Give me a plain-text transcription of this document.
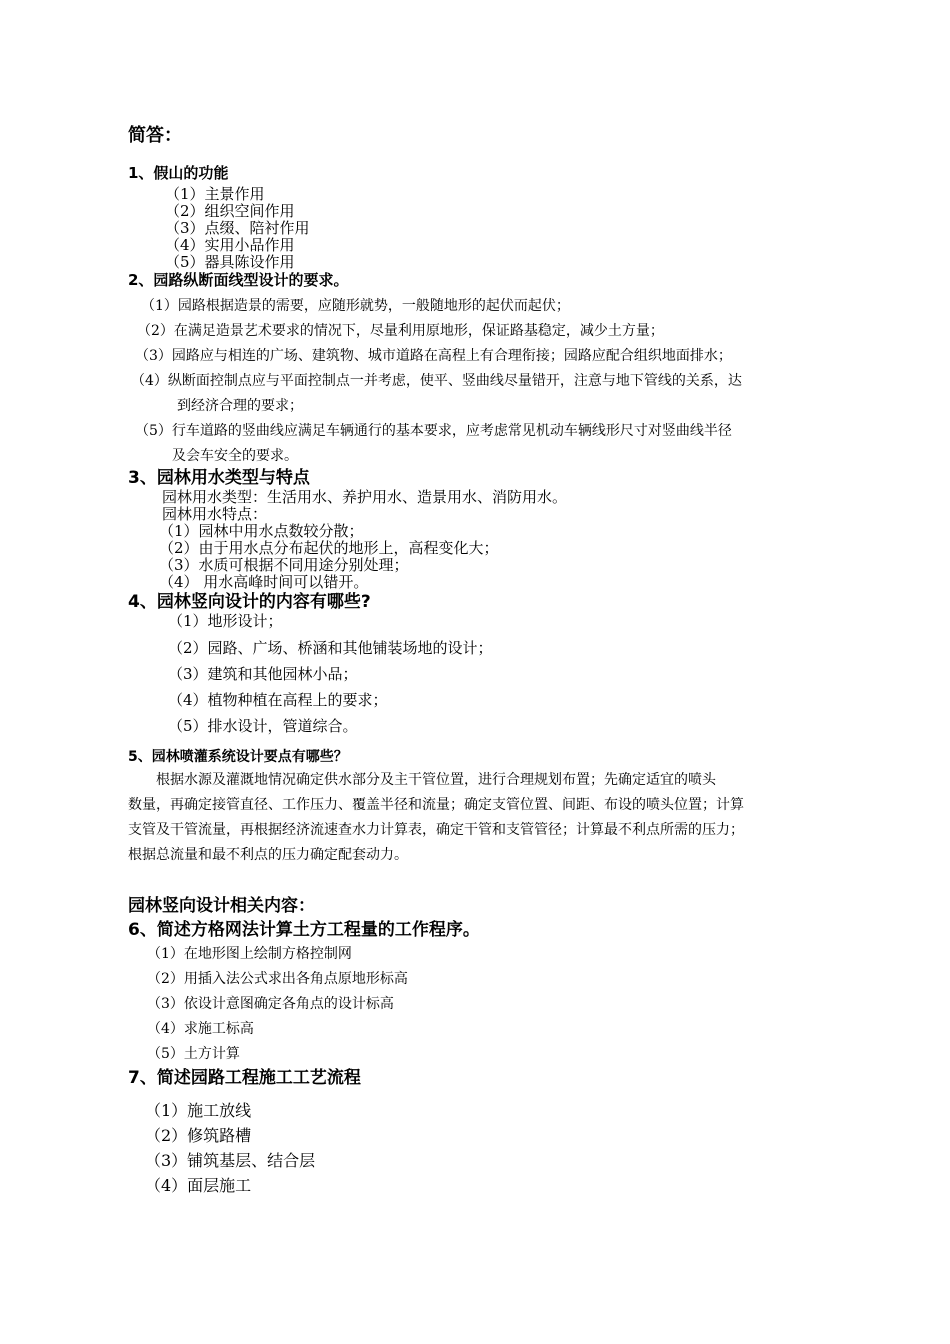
简答：

1、假山的功能

（1）主景作用

（2）组织空间作用

（3）点缀、陪衬作用

（4）实用小品作用

（5）器具陈设作用

2、园路纵断面线型设计的要求。

（1）园路根据造景的需要，应随形就势，一般随地形的起伏而起伏；

（2）在满足造景艺术要求的情况下，尽量利用原地形，保证路基稳定，减少土方量；

（3）园路应与相连的广场、建筑物、城市道路在高程上有合理衔接；园路应配合组织地面排水；

（4）纵断面控制点应与平面控制点一并考虑，使平、竖曲线尽量错开，注意与地下管线的关系，达

到经济合理的要求；

（5）行车道路的竖曲线应满足车辆通行的基本要求，应考虑常见机动车辆线形尺寸对竖曲线半径

及会车安全的要求。

3、园林用水类型与特点

园林用水类型：生活用水、养护用水、造景用水、消防用水。

园林用水特点：

（1）园林中用水点数较分散；

（2）由于用水点分布起伏的地形上，高程变化大；

（3）水质可根据不同用途分别处理；

（4） 用水高峰时间可以错开。

4、园林竖向设计的内容有哪些?

（1）地形设计；

（2）园路、广场、桥涵和其他铺装场地的设计；

（3）建筑和其他园林小品；

（4）植物种植在高程上的要求；

（5）排水设计，管道综合。

5、园林喷灌系统设计要点有哪些？

根据水源及灌溉地情况确定供水部分及主干管位置，进行合理规划布置；先确定适宜的喷头

数量，再确定接管直径、工作压力、覆盖半径和流量；确定支管位置、间距、布设的喷头位置；计算

支管及干管流量，再根据经济流速查水力计算表，确定干管和支管管径；计算最不利点所需的压力；

根据总流量和最不利点的压力确定配套动力。

园林竖向设计相关内容：

6、简述方格网法计算土方工程量的工作程序。

（1）在地形图上绘制方格控制网

（2）用插入法公式求出各角点原地形标高

（3）依设计意图确定各角点的设计标高

（4）求施工标高

（5）土方计算

7、简述园路工程施工工艺流程

（1）施工放线

（2）修筑路槽

（3）铺筑基层、结合层

（4）面层施工
